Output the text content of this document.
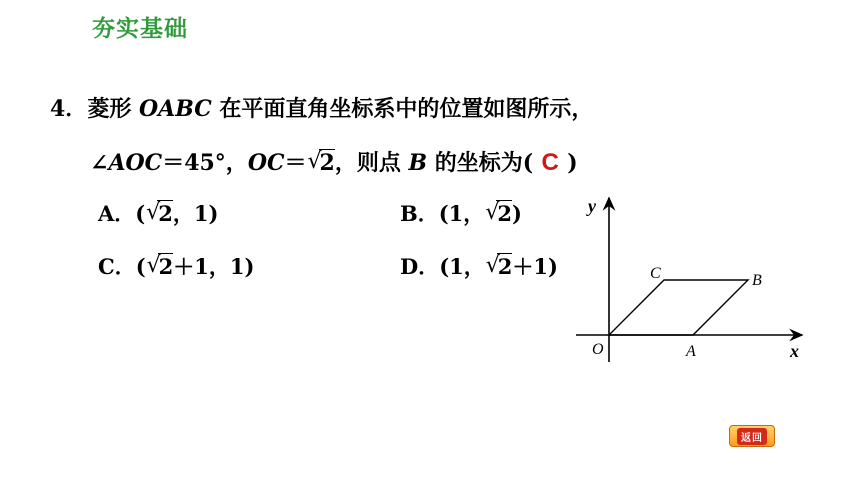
夯实基础
4．菱形 OABC 在平面直角坐标系中的位置如图所示，
∠AOC＝45°，OC＝ √
2，则点 B 的坐标为( C )
A．( √
2，1)	B．(1， √
2)
C．( √
2＋1，1)	D．(1， √
2＋1)
y
x
O	A
B
C
返回
